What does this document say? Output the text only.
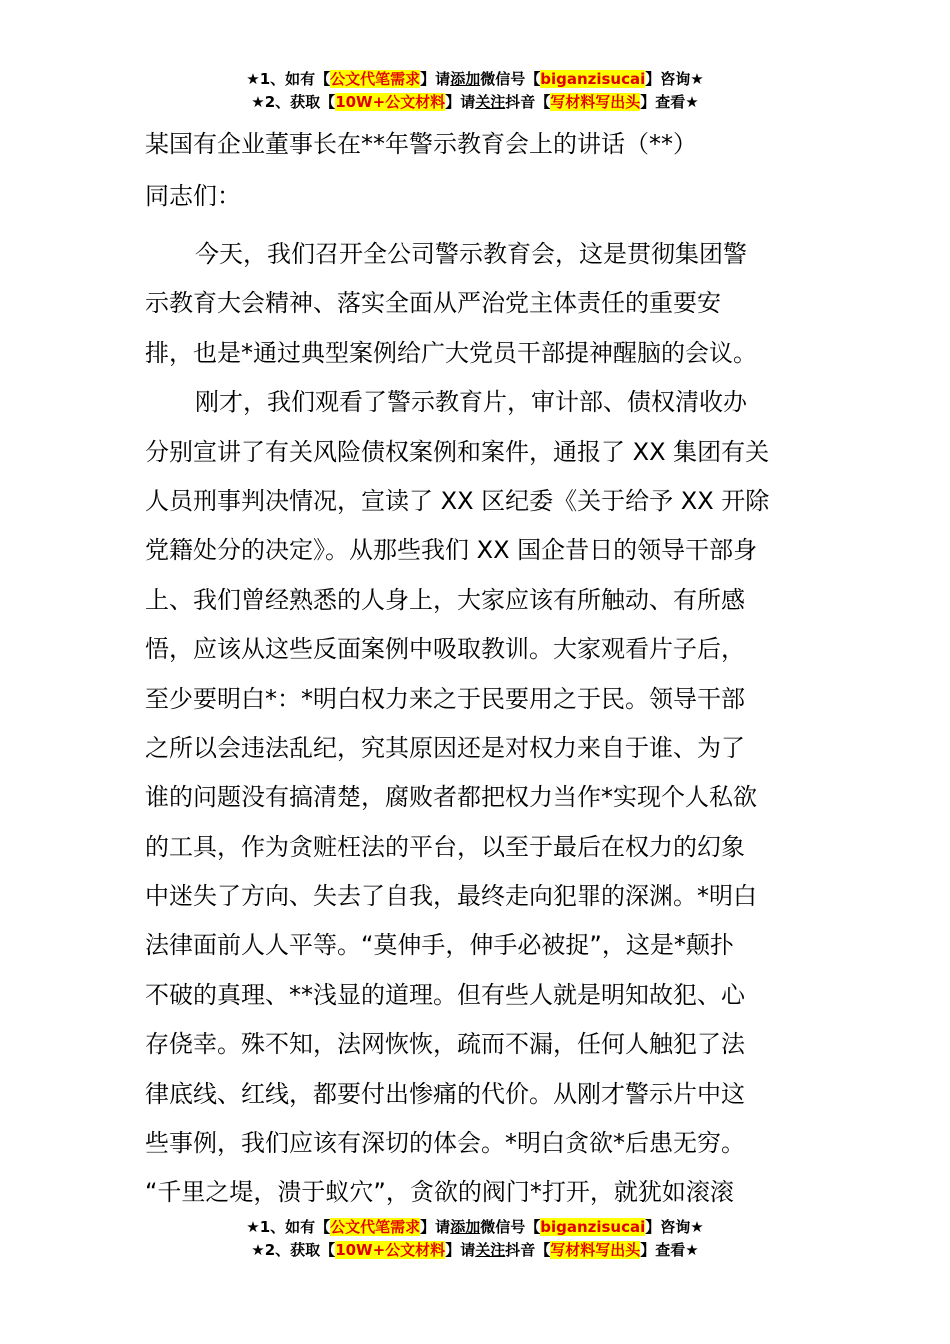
★1、如有【公文代笔需求】请添加微信号【biganzisucai】咨询★
★2、获取【10W+公文材料】请关注抖音【写材料写出头】查看★
某国有企业董事长在**年警示教育会上的讲话（**）
同志们：
今天，我们召开全公司警示教育会，这是贯彻集团警
示教育大会精神、落实全面从严治党主体责任的重要安
排，也是*通过典型案例给广大党员干部提神醒脑的会议。
刚才，我们观看了警示教育片，审计部、债权清收办
分别宣讲了有关风险债权案例和案件，通报了 XX 集团有关
人员刑事判决情况，宣读了 XX 区纪委《关于给予 XX 开除
党籍处分的决定》。从那些我们 XX 国企昔日的领导干部身
上、我们曾经熟悉的人身上，大家应该有所触动、有所感
悟，应该从这些反面案例中吸取教训。大家观看片子后，
至少要明白*：*明白权力来之于民要用之于民。领导干部
之所以会违法乱纪，究其原因还是对权力来自于谁、为了
谁的问题没有搞清楚，腐败者都把权力当作*实现个人私欲
的工具，作为贪赃枉法的平台，以至于最后在权力的幻象
中迷失了方向、失去了自我，最终走向犯罪的深渊。*明白
法律面前人人平等。“莫伸手，伸手必被捉”，这是*颠扑
不破的真理、**浅显的道理。但有些人就是明知故犯、心
存侥幸。殊不知，法网恢恢，疏而不漏，任何人触犯了法
律底线、红线，都要付出惨痛的代价。从刚才警示片中这
些事例，我们应该有深切的体会。*明白贪欲*后患无穷。
“千里之堤，溃于蚁穴”，贪欲的阀门*打开，就犹如滚滚
★1、如有【公文代笔需求】请添加微信号【biganzisucai】咨询★
★2、获取【10W+公文材料】请关注抖音【写材料写出头】查看★
